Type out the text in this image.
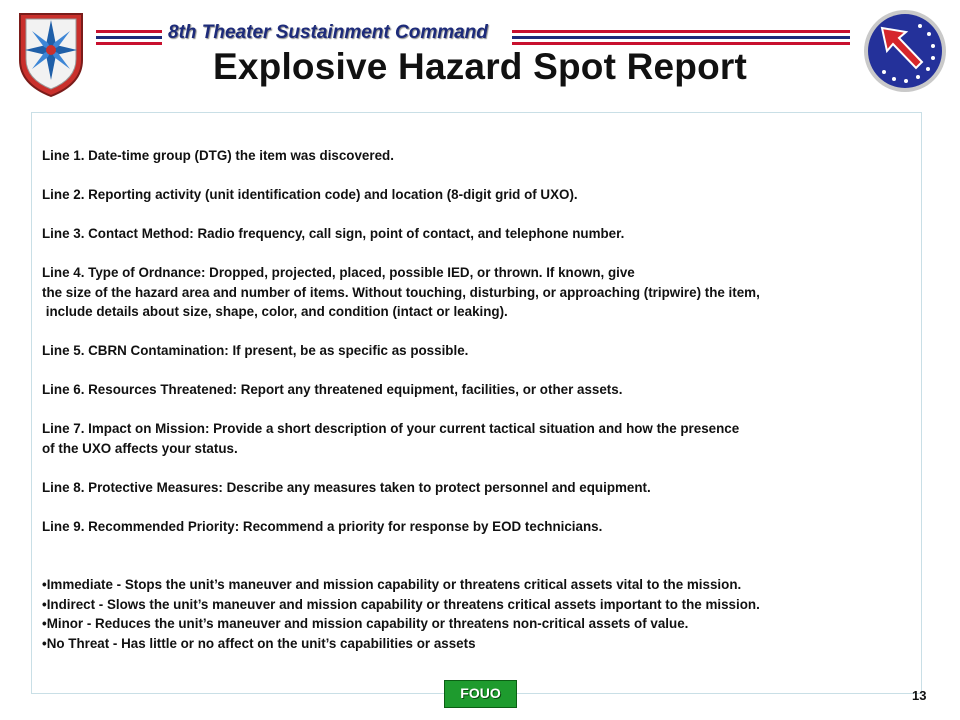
8th Theater Sustainment Command
Explosive Hazard Spot Report

Line 1. Date-time group (DTG) the item was discovered.

Line 2. Reporting activity (unit identification code) and location (8-digit grid of UXO).

Line 3. Contact Method: Radio frequency, call sign, point of contact, and telephone number.

Line 4. Type of Ordnance: Dropped, projected, placed, possible IED, or thrown. If known, give

the size of the hazard area and number of items. Without touching, disturbing, or approaching (tripwire) the item,

include details about size, shape, color, and condition (intact or leaking).

Line 5. CBRN Contamination: If present, be as specific as possible.

Line 6. Resources Threatened: Report any threatened equipment, facilities, or other assets.

Line 7. Impact on Mission: Provide a short description of your current tactical situation and how the presence

of the UXO affects your status.

Line 8. Protective Measures: Describe any measures taken to protect personnel and equipment.

Line 9. Recommended Priority: Recommend a priority for response by EOD technicians.

•Immediate - Stops the unit’s maneuver and mission capability or threatens critical assets vital to the mission.

•Indirect - Slows the unit’s maneuver and mission capability or threatens critical assets important to the mission.

•Minor - Reduces the unit’s maneuver and mission capability or threatens non-critical assets of value.

•No Threat - Has little or no affect on the unit’s capabilities or assets

FOUO	13
